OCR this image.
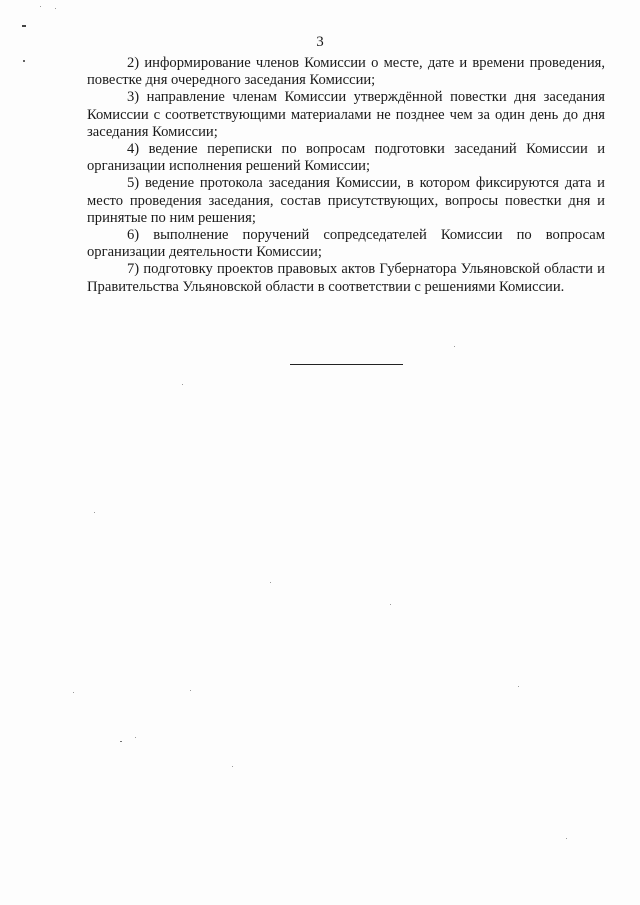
3

2) информирование членов Комиссии о месте, дате и времени проведения, повестке дня очередного заседания Комиссии;

3) направление членам Комиссии утверждённой повестки дня заседания Комиссии с соответствующими материалами не позднее чем за один день до дня заседания Комиссии;

4) ведение переписки по вопросам подготовки заседаний Комиссии и организации исполнения решений Комиссии;

5) ведение протокола заседания Комиссии, в котором фиксируются дата и место проведения заседания, состав присутствующих, вопросы повестки дня и принятые по ним решения;

6) выполнение поручений сопредседателей Комиссии по вопросам организации деятельности Комиссии;

7) подготовку проектов правовых актов Губернатора Ульяновской области и Правительства Ульяновской области в соответствии с решениями Комиссии.
